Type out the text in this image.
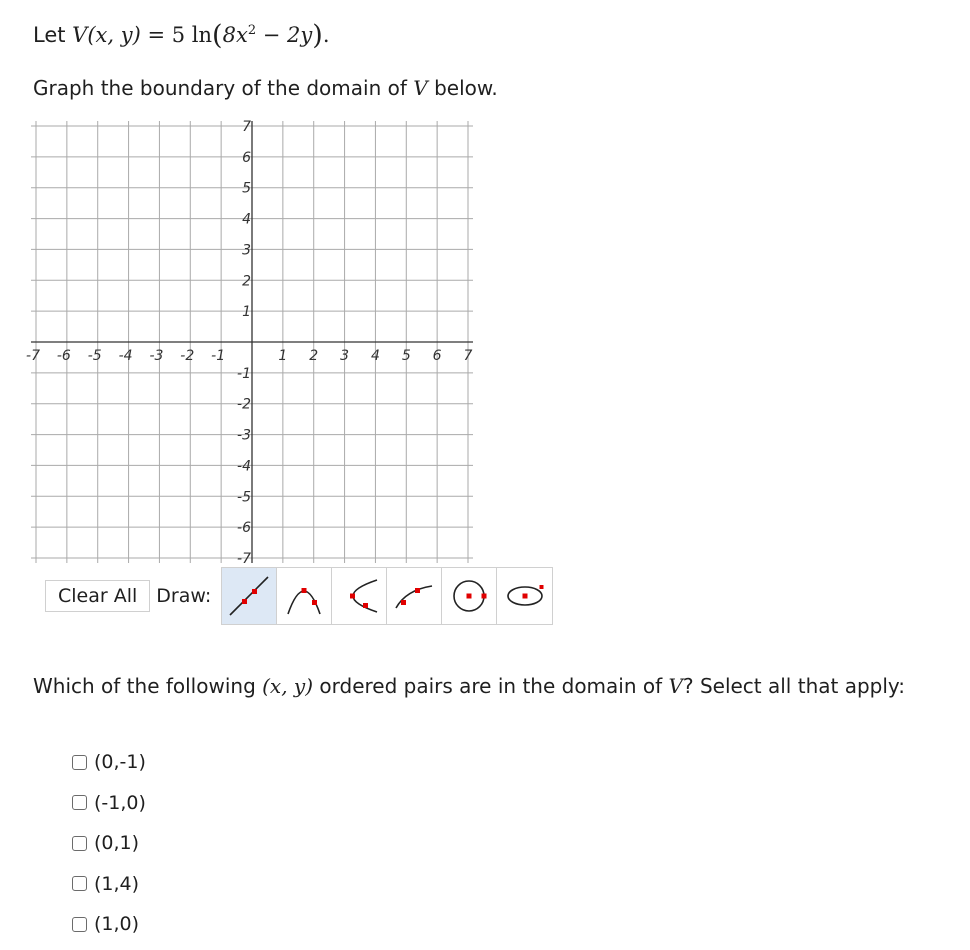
Let V(x, y) = 5 $\ln(8x^2 - 2y)$.
Graph the boundary of the domain of V below.
-7 -6 -5 -4 -3 -2 -1	1 2 3 4 5 6 7
7
6
5
4
3
2
1
-1
-2
-3
-4
-5
-6
-7
Clear All	Draw:
Which of the following (x, y) ordered pairs are in the domain of V? Select all that apply:
(0,-1)
(-1,0)
(0,1)
(1,4)
(1,0)
